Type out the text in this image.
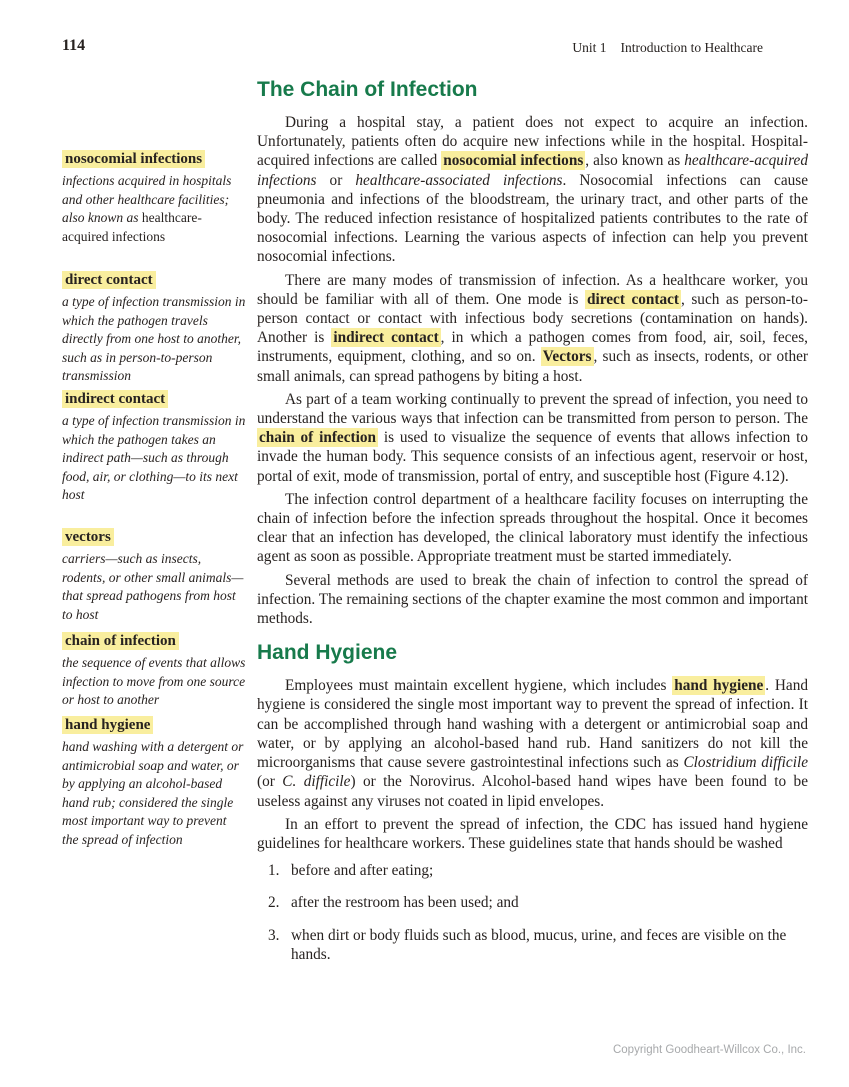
114	Unit 1 Introduction to Healthcare
nosocomial infections
infections acquired in hospitals and other healthcare facilities; also known as healthcare-acquired infections
direct contact
a type of infection transmission in which the pathogen travels directly from one host to another, such as in person-to-person transmission
indirect contact
a type of infection transmission in which the pathogen takes an indirect path—such as through food, air, or clothing—to its next host
vectors
carriers—such as insects, rodents, or other small animals—that spread pathogens from host to host
chain of infection
the sequence of events that allows infection to move from one source or host to another
hand hygiene
hand washing with a detergent or antimicrobial soap and water, or by applying an alcohol-based hand rub; considered the single most important way to prevent the spread of infection
The Chain of Infection

During a hospital stay, a patient does not expect to acquire an infection. Unfortunately, patients often do acquire new infections while in the hospital. Hospital-acquired infections are called nosocomial infections , also known as healthcare-acquired infections or healthcare-associated infections. Nosocomial infections can cause pneumonia and infections of the bloodstream, the urinary tract, and other parts of the body. The reduced infection resistance of hospitalized patients contributes to the rate of nosocomial infections. Learning the various aspects of infection can help you prevent nosocomial infections.

There are many modes of transmission of infection. As a healthcare worker, you should be familiar with all of them. One mode is direct contact , such as person-to-person contact or contact with infectious body secretions (contamination on hands). Another is indirect contact , in which a pathogen comes from food, air, soil, feces, instruments, equipment, clothing, and so on. Vectors , such as insects, rodents, or other small animals, can spread pathogens by biting a host.

As part of a team working continually to prevent the spread of infection, you need to understand the various ways that infection can be transmitted from person to person. The chain of infection is used to visualize the sequence of events that allows infection to invade the human body. This sequence consists of an infectious agent, reservoir or host, portal of exit, mode of transmission, portal of entry, and susceptible host (Figure 4.12).

The infection control department of a healthcare facility focuses on interrupting the chain of infection before the infection spreads throughout the hospital. Once it becomes clear that an infection has developed, the clinical laboratory must identify the infectious agent as soon as possible. Appropriate treatment must be started immediately.

Several methods are used to break the chain of infection to control the spread of infection. The remaining sections of the chapter examine the most common and important methods.

Hand Hygiene

Employees must maintain excellent hygiene, which includes hand hygiene . Hand hygiene is considered the single most important way to prevent the spread of infection. It can be accomplished through hand washing with a detergent or antimicrobial soap and water, or by applying an alcohol-based hand rub. Hand sanitizers do not kill the microorganisms that cause severe gastrointestinal infections such as Clostridium difficile (or C. difficile) or the Norovirus. Alcohol-based hand wipes have been found to be useless against any viruses not coated in lipid envelopes.

In an effort to prevent the spread of infection, the CDC has issued hand hygiene guidelines for healthcare workers. These guidelines state that hands should be washed

1. before and after eating;
2. after the restroom has been used; and
3. when dirt or body fluids such as blood, mucus, urine, and feces are visible on the hands.
Copyright Goodheart-Willcox Co., Inc.
